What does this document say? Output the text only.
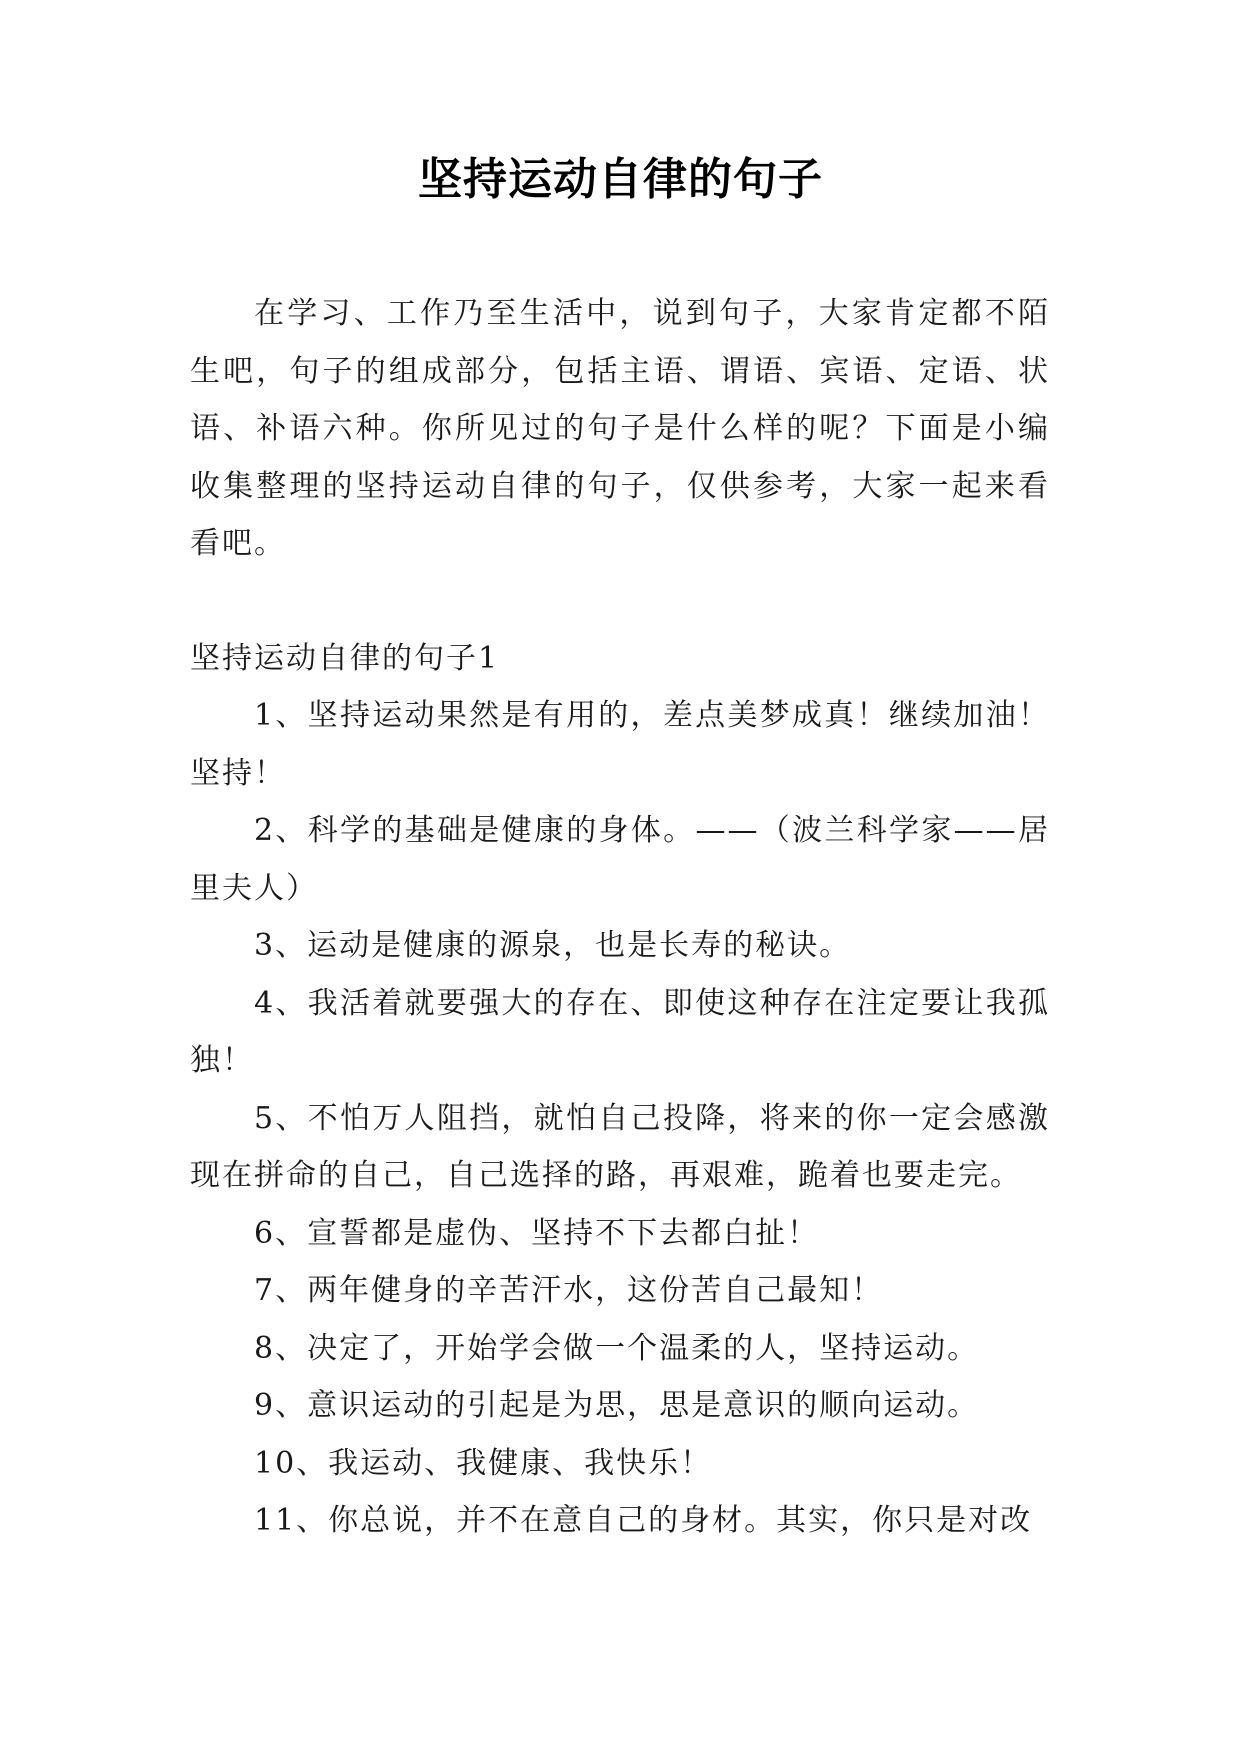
坚持运动自律的句子

在学习、工作乃至生活中，说到句子，大家肯定都不陌生吧，句子的组成部分，包括主语、谓语、宾语、定语、状语、补语六种。你所见过的句子是什么样的呢？下面是小编收集整理的坚持运动自律的句子，仅供参考，大家一起来看看吧。

坚持运动自律的句子1

1、坚持运动果然是有用的，差点美梦成真！继续加油！坚持！

2、科学的基础是健康的身体。——（波兰科学家——居里夫人）

3、运动是健康的源泉，也是长寿的秘诀。

4、我活着就要强大的存在、即使这种存在注定要让我孤独！

5、不怕万人阻挡，就怕自己投降，将来的你一定会感激现在拼命的自己，自己选择的路，再艰难，跪着也要走完。

6、宣誓都是虚伪、坚持不下去都白扯！

7、两年健身的辛苦汗水，这份苦自己最知！

8、决定了，开始学会做一个温柔的人，坚持运动。

9、意识运动的引起是为思，思是意识的顺向运动。

10、我运动、我健康、我快乐！

11、你总说，并不在意自己的身材。其实，你只是对改
